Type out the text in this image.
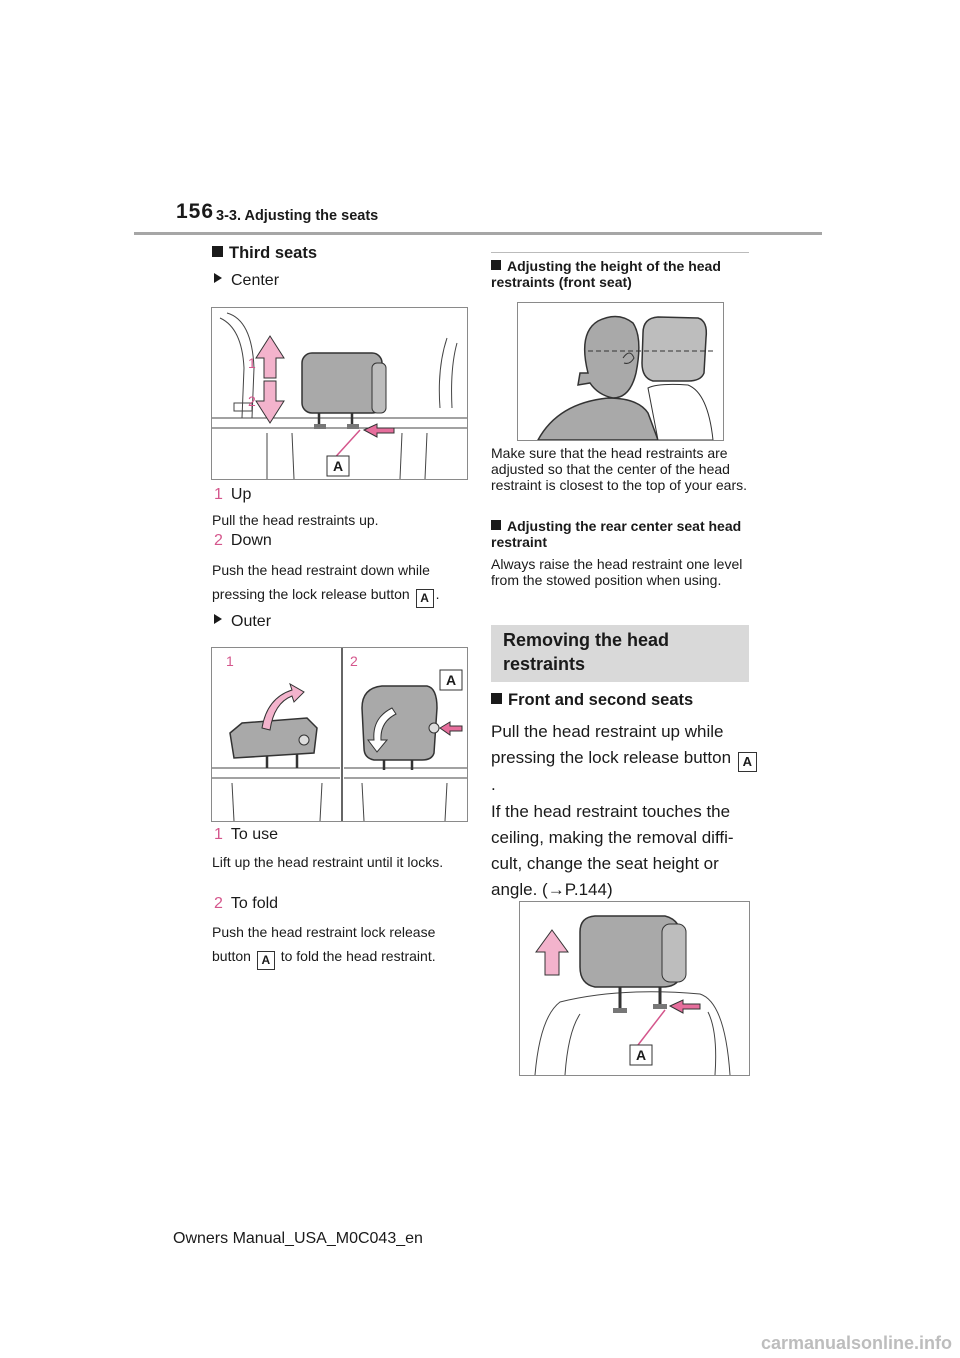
156 3-3. Adjusting the seats
Third seats
Center
1
2
A
1 Up
Pull the head restraints up.
2 Down
Push the head restraint down while pressing the lock release button A .
Outer
1	2
A
1 To use
Lift up the head restraint until it locks.
2 To fold
Push the head restraint lock release button A to fold the head restraint.
Adjusting the height of the head restraints (front seat)
Make sure that the head restraints are adjusted so that the center of the head restraint is closest to the top of your ears.
Adjusting the rear center seat head restraint
Always raise the head restraint one level from the stowed position when using.
Removing the head restraints
Front and second seats
Pull the head restraint up while pressing the lock release button A.
If the head restraint touches the ceiling, making the removal diffi-cult, change the seat height or angle. (→P.144)
A
Owners Manual_USA_M0C043_en
carmanualsonline.info
